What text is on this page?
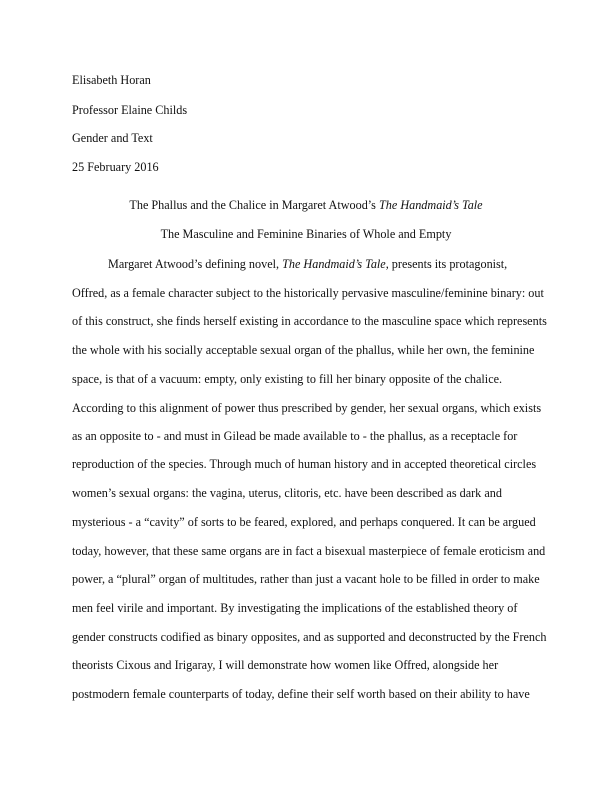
Elisabeth Horan
Professor Elaine Childs
Gender and Text
25 February 2016
The Phallus and the Chalice in Margaret Atwood’s The Handmaid’s Tale
The Masculine and Feminine Binaries of Whole and Empty
Margaret Atwood’s defining novel, The Handmaid’s Tale, presents its protagonist,
Offred, as a female character subject to the historically pervasive masculine/feminine binary: out
of this construct, she finds herself existing in accordance to the masculine space which represents
the whole with his socially acceptable sexual organ of the phallus, while her own, the feminine
space, is that of a vacuum: empty, only existing to fill her binary opposite of the chalice.
According to this alignment of power thus prescribed by gender, her sexual organs, which exists
as an opposite to - and must in Gilead be made available to - the phallus, as a receptacle for
reproduction of the species. Through much of human history and in accepted theoretical circles
women’s sexual organs: the vagina, uterus, clitoris, etc. have been described as dark and
mysterious - a “cavity” of sorts to be feared, explored, and perhaps conquered. It can be argued
today, however, that these same organs are in fact a bisexual masterpiece of female eroticism and
power, a “plural” organ of multitudes, rather than just a vacant hole to be filled in order to make
men feel virile and important. By investigating the implications of the established theory of
gender constructs codified as binary opposites, and as supported and deconstructed by the French
theorists Cixous and Irigaray, I will demonstrate how women like Offred, alongside her
postmodern female counterparts of today, define their self worth based on their ability to have
